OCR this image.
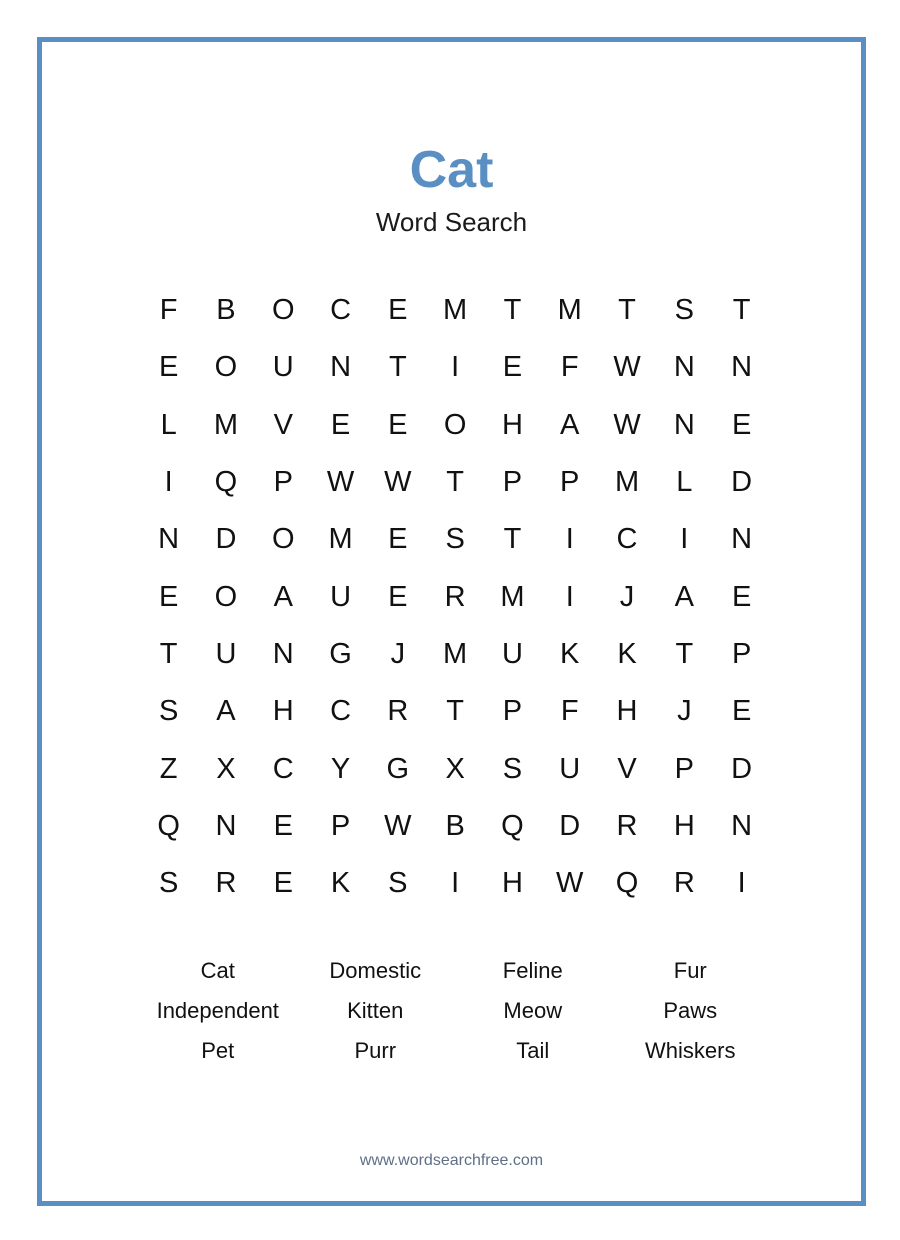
Cat
Word Search
F	B	O	C	E	M	T	M	T	S	T
E	O	U	N	T	I	E	F	W	N	N
L	M	V	E	E	O	H	A	W	N	E
I	Q	P	W	W	T	P	P	M	L	D
N	D	O	M	E	S	T	I	C	I	N
E	O	A	U	E	R	M	I	J	A	E
T	U	N	G	J	M	U	K	K	T	P
S	A	H	C	R	T	P	F	H	J	E
Z	X	C	Y	G	X	S	U	V	P	D
Q	N	E	P	W	B	Q	D	R	H	N
S	R	E	K	S	I	H	W	Q	R	I
Cat	Domestic	Feline	Fur
Independent	Kitten	Meow	Paws
Pet	Purr	Tail	Whiskers
www.wordsearchfree.com
